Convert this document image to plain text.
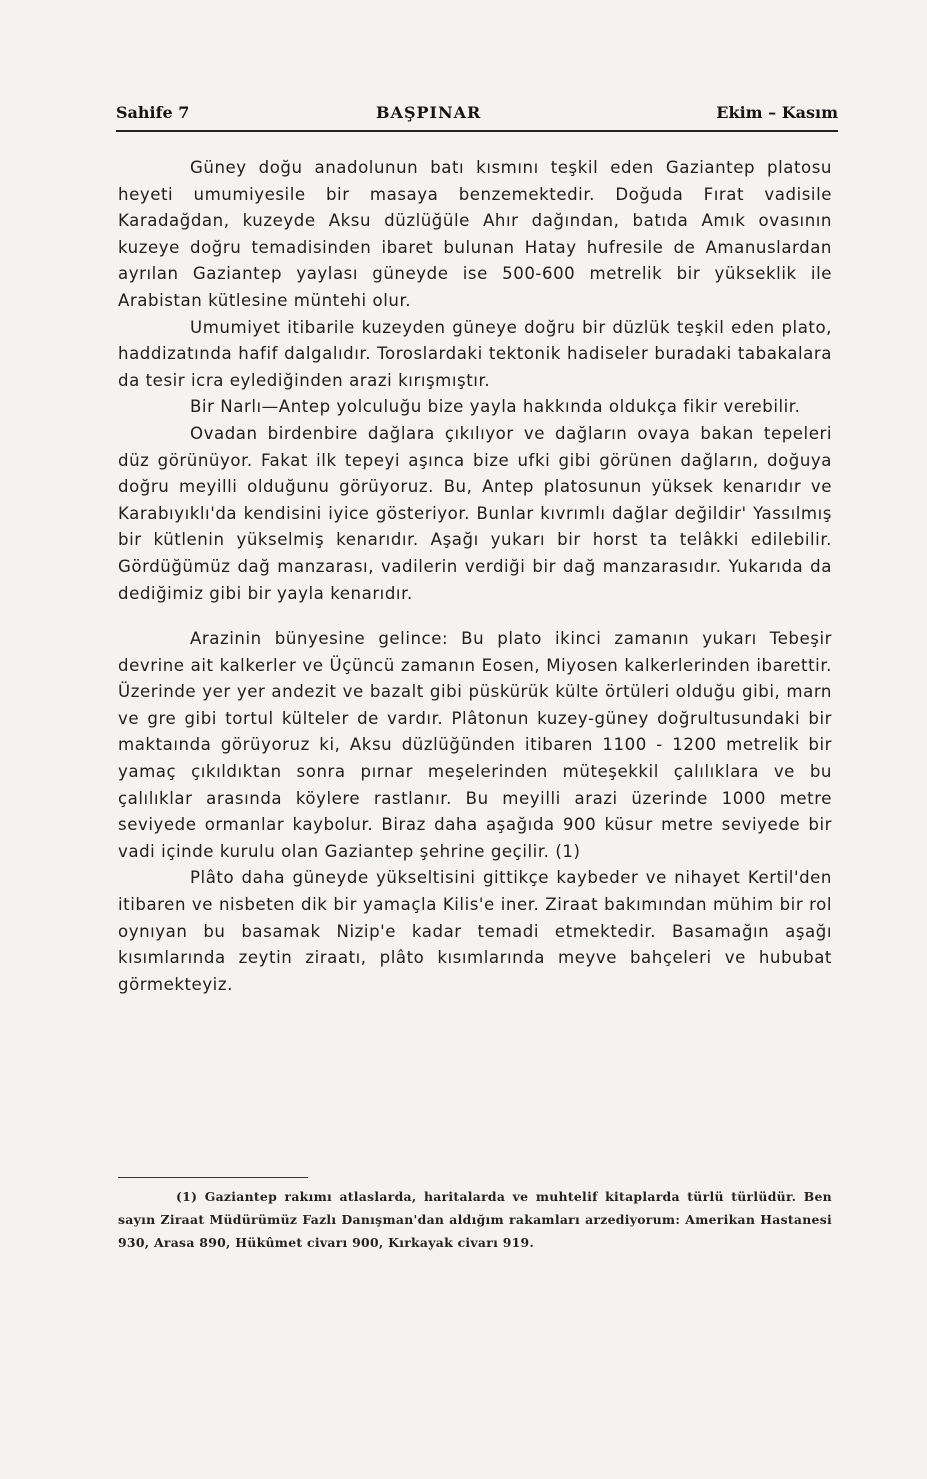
Sahife 7	BAŞPINAR	Ekim – Kasım

Güney doğu anadolunun batı kısmını teşkil eden Gaziantep platosu heyeti umumiyesile bir masaya benzemektedir. Doğuda Fırat vadisile Karadağdan, kuzeyde Aksu düzlüğüle Ahır dağından, batıda Amık ovasının kuzeye doğru temadisinden ibaret bulunan Hatay hufresile de Amanuslardan ayrılan Gaziantep yaylası güneyde ise 500-600 metrelik bir yükseklik ile Arabistan kütlesine müntehi olur.

Umumiyet itibarile kuzeyden güneye doğru bir düzlük teşkil eden plato, haddizatında hafif dalgalıdır. Toroslardaki tektonik hadiseler buradaki tabakalara da tesir icra eylediğinden arazi kırışmıştır.

Bir Narlı—Antep yolculuğu bize yayla hakkında oldukça fikir verebilir.

Ovadan birdenbire dağlara çıkılıyor ve dağların ovaya bakan tepeleri düz görünüyor. Fakat ilk tepeyi aşınca bize ufki gibi görünen dağların, doğuya doğru meyilli olduğunu görüyoruz. Bu, Antep platosunun yüksek kenarıdır ve Karabıyıklı'da kendisini iyice gösteriyor. Bunlar kıvrımlı dağlar değildir' Yassılmış bir kütlenin yükselmiş kenarıdır. Aşağı yukarı bir horst ta telâkki edilebilir. Gördüğümüz dağ manzarası, vadilerin verdiği bir dağ manzarasıdır. Yukarıda da dediğimiz gibi bir yayla kenarıdır.

Arazinin bünyesine gelince: Bu plato ikinci zamanın yukarı Tebeşir devrine ait kalkerler ve Üçüncü zamanın Eosen, Miyosen kalkerlerinden ibarettir. Üzerinde yer yer andezit ve bazalt gibi püskürük külte örtüleri olduğu gibi, marn ve gre gibi tortul külteler de vardır. Plâtonun kuzey-güney doğrultusundaki bir maktaında görüyoruz ki, Aksu düzlüğünden itibaren 1100 - 1200 metrelik bir yamaç çıkıldıktan sonra pırnar meşelerinden müteşekkil çalılıklara ve bu çalılıklar arasında köylere rastlanır. Bu meyilli arazi üzerinde 1000 metre seviyede ormanlar kaybolur. Biraz daha aşağıda 900 küsur metre seviyede bir vadi içinde kurulu olan Gaziantep şehrine geçilir. (1)

Plâto daha güneyde yükseltisini gittikçe kaybeder ve nihayet Kertil'den itibaren ve nisbeten dik bir yamaçla Kilis'e iner. Ziraat bakımından mühim bir rol oynıyan bu basamak Nizip'e kadar temadi etmektedir. Basamağın aşağı kısımlarında zeytin ziraatı, plâto kısımlarında meyve bahçeleri ve hububat görmekteyiz.

(1) Gaziantep rakımı atlaslarda, haritalarda ve muhtelif kitaplarda türlü türlüdür. Ben sayın Ziraat Müdürümüz Fazlı Danışman'dan aldığım rakamları arzediyorum: Amerikan Hastanesi 930, Arasa 890, Hükûmet civarı 900, Kırkayak civarı 919.
